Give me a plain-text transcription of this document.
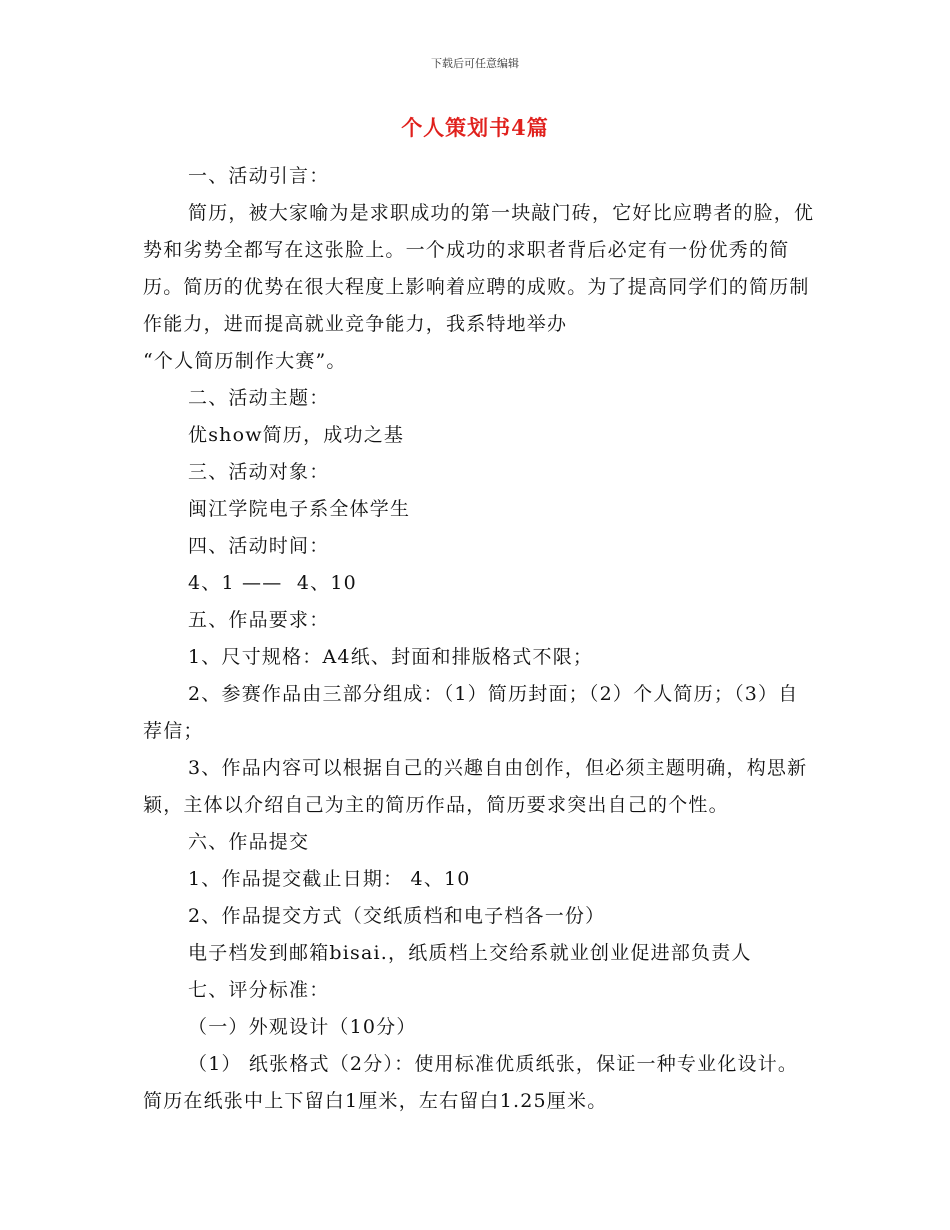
下载后可任意编辑
个人策划书4篇

一、活动引言：

简历，被大家喻为是求职成功的第一块敲门砖，它好比应聘者的脸，优势和劣势全都写在这张脸上。一个成功的求职者背后必定有一份优秀的简历。简历的优势在很大程度上影响着应聘的成败。为了提高同学们的简历制作能力，进而提高就业竞争能力，我系特地举办

“个人简历制作大赛”。

二、活动主题：

优show简历，成功之基

三、活动对象：

闽江学院电子系全体学生

四、活动时间：

4、1 ——  4、10

五、作品要求：

1、尺寸规格：A4纸、封面和排版格式不限；

2、参赛作品由三部分组成：（1）简历封面；（2）个人简历；（3）自荐信；

3、作品内容可以根据自己的兴趣自由创作，但必须主题明确，构思新颖，主体以介绍自己为主的简历作品，简历要求突出自己的个性。

六、作品提交

1、作品提交截止日期： 4、10

2、作品提交方式（交纸质档和电子档各一份）

电子档发到邮箱bisai.，纸质档上交给系就业创业促进部负责人

七、评分标准：

（一）外观设计（10分）

（1） 纸张格式（2分）：使用标准优质纸张，保证一种专业化设计。简历在纸张中上下留白1厘米，左右留白1.25厘米。
